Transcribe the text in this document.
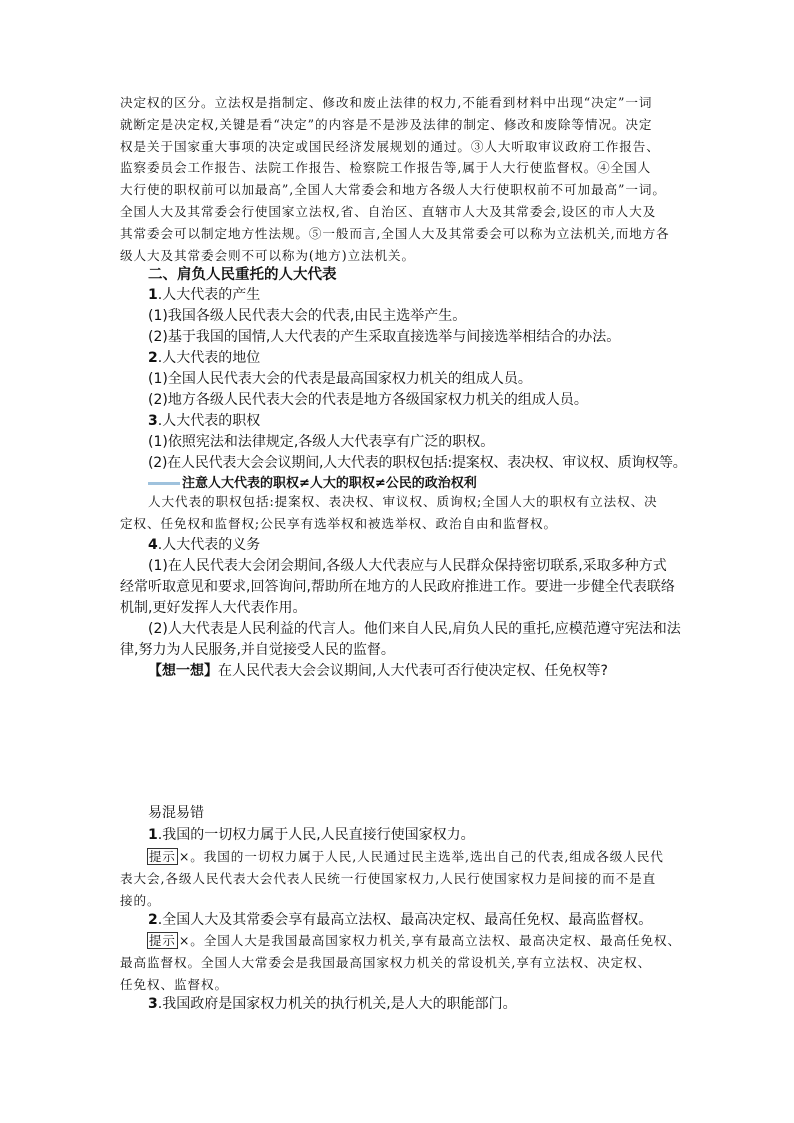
决定权的区分。立法权是指制定、修改和废止法律的权力,不能看到材料中出现“决定”一词

就断定是决定权,关键是看“决定”的内容是不是涉及法律的制定、修改和废除等情况。决定

权是关于国家重大事项的决定或国民经济发展规划的通过。③人大听取审议政府工作报告、

监察委员会工作报告、法院工作报告、检察院工作报告等,属于人大行使监督权。④全国人

大行使的职权前可以加最高”,全国人大常委会和地方各级人大行使职权前不可加最高”一词。

全国人大及其常委会行使国家立法权,省、自治区、直辖市人大及其常委会,设区的市人大及

其常委会可以制定地方性法规。⑤一般而言,全国人大及其常委会可以称为立法机关,而地方各

级人大及其常委会则不可以称为(地方)立法机关。

二、肩负人民重托的人大代表

1.人大代表的产生

(1)我国各级人民代表大会的代表,由民主选举产生。

(2)基于我国的国情,人大代表的产生采取直接选举与间接选举相结合的办法。

2.人大代表的地位

(1)全国人民代表大会的代表是最高国家权力机关的组成人员。

(2)地方各级人民代表大会的代表是地方各级国家权力机关的组成人员。

3.人大代表的职权

(1)依照宪法和法律规定,各级人大代表享有广泛的职权。

(2)在人民代表大会会议期间,人大代表的职权包括:提案权、表决权、审议权、质询权等。

注意人大代表的职权≠人大的职权≠公民的政治权利

人大代表的职权包括:提案权、表决权、审议权、质询权;全国人大的职权有立法权、决

定权、任免权和监督权;公民享有选举权和被选举权、政治自由和监督权。

4.人大代表的义务

(1)在人民代表大会闭会期间,各级人大代表应与人民群众保持密切联系,采取多种方式

经常听取意见和要求,回答询问,帮助所在地方的人民政府推进工作。要进一步健全代表联络

机制,更好发挥人大代表作用。

(2)人大代表是人民利益的代言人。他们来自人民,肩负人民的重托,应模范遵守宪法和法

律,努力为人民服务,并自觉接受人民的监督。

【想一想】在人民代表大会会议期间,人大代表可否行使决定权、任免权等?

易混易错

1.我国的一切权力属于人民,人民直接行使国家权力。

提示 ×。我国的一切权力属于人民,人民通过民主选举,选出自己的代表,组成各级人民代

表大会,各级人民代表大会代表人民统一行使国家权力,人民行使国家权力是间接的而不是直

接的。

2.全国人大及其常委会享有最高立法权、最高决定权、最高任免权、最高监督权。

提示 ×。全国人大是我国最高国家权力机关,享有最高立法权、最高决定权、最高任免权、

最高监督权。全国人大常委会是我国最高国家权力机关的常设机关,享有立法权、决定权、

任免权、监督权。

3.我国政府是国家权力机关的执行机关,是人大的职能部门。
